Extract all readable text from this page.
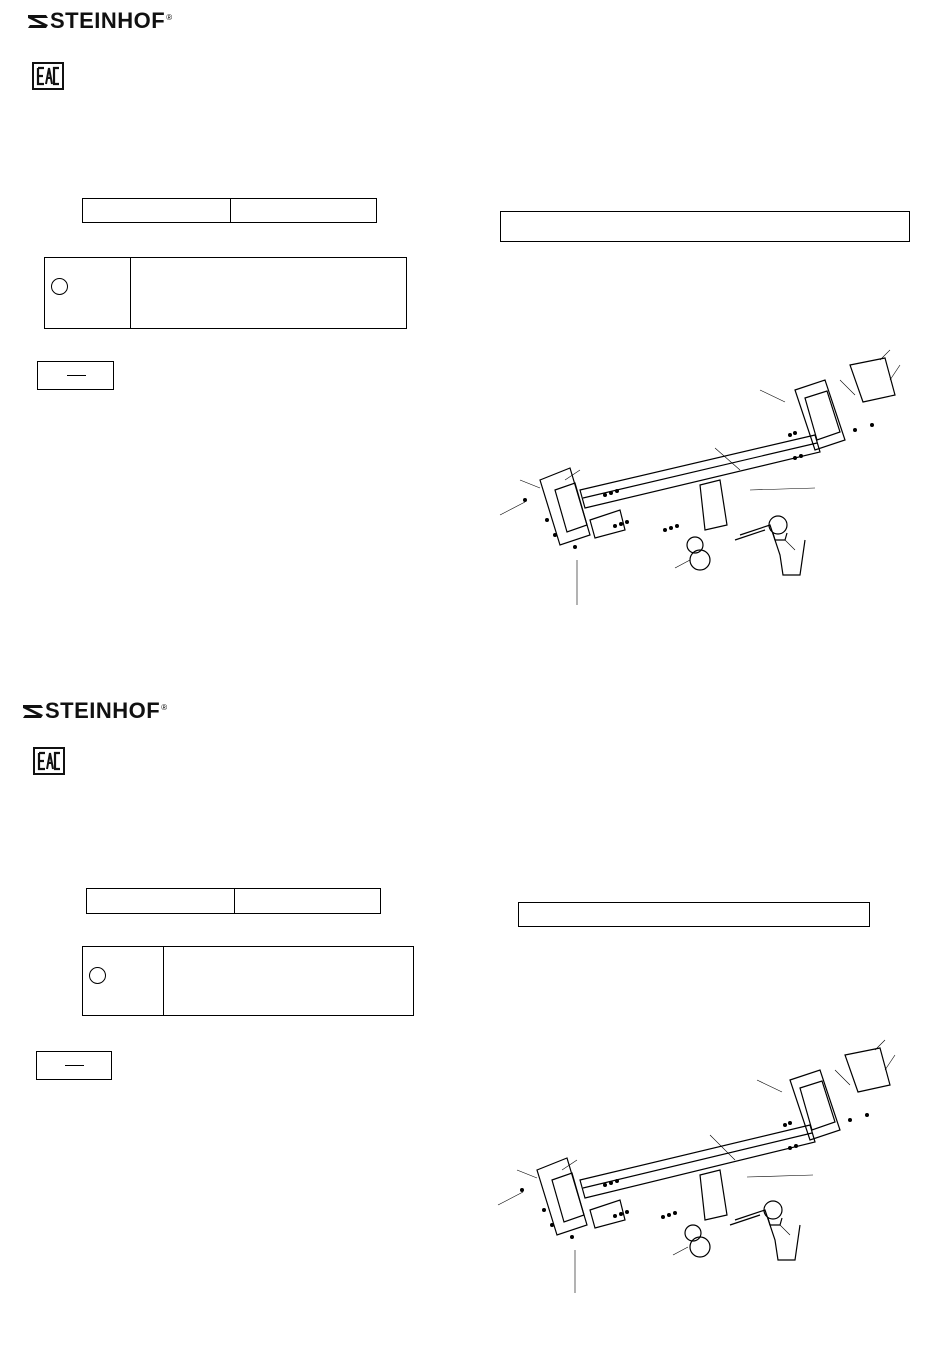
STEINHOF ®
STEINHOF ®
